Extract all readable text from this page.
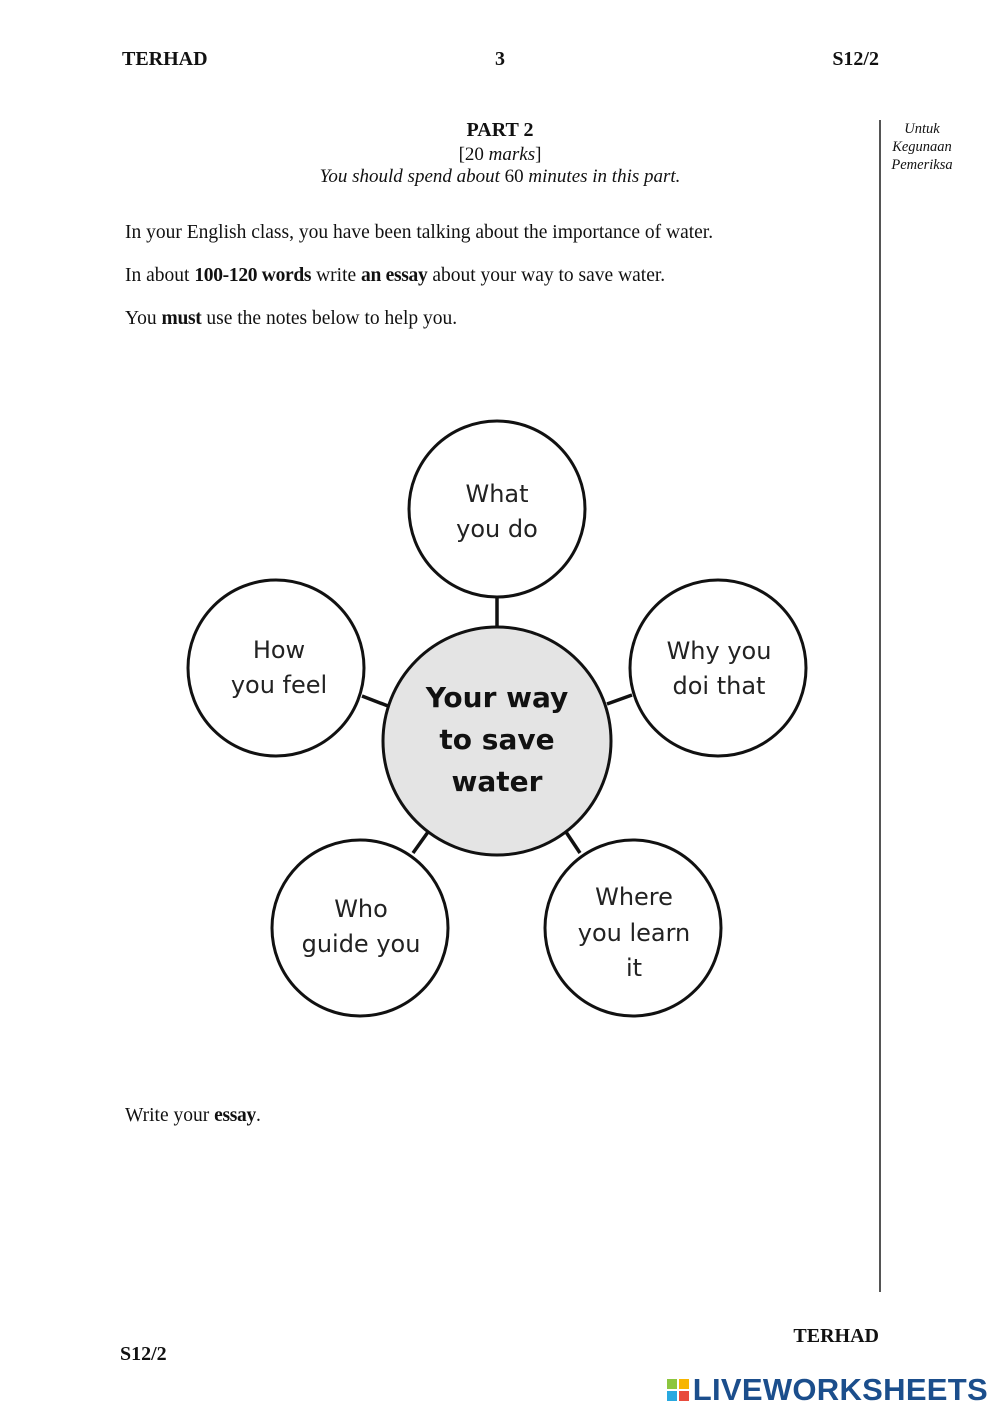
TERHAD	3	S12/2
Untuk
Kegunaan
Pemeriksa
PART 2
[20 marks]
You should spend about 60 minutes in this part.
In your English class, you have been talking about the importance of water.
In about 100-120 words write an essay about your way to save water.
You must use the notes below to help you.
What
you do
Why you
doi that
How
you feel
Who
guide you
Where
you learn
it
Your way
to save
water
Write your essay.
TERHAD
S12/2
LIVEWORKSHEETS
